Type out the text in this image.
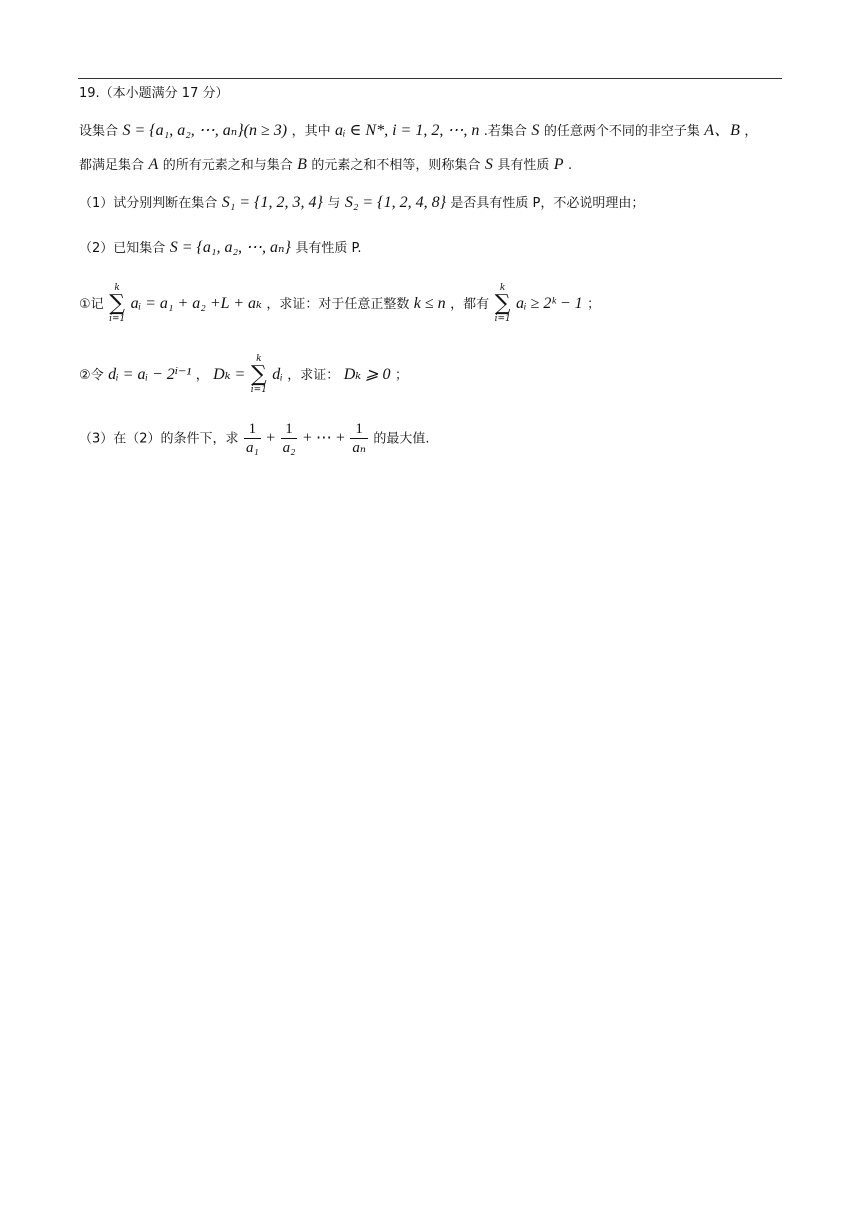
19.（本小题满分 17 分）
设集合 S = {a₁, a₂, ⋯, aₙ}(n ≥ 3) ，其中 aᵢ ∈ N*, i = 1, 2, ⋯, n .若集合 S 的任意两个不同的非空子集 A、B ，
都满足集合 A 的所有元素之和与集合 B 的元素之和不相等，则称集合 S 具有性质 P .
（1）试分别判断在集合 S₁ = {1, 2, 3, 4} 与 S₂ = {1, 2, 4, 8} 是否具有性质 P，不必说明理由；
（2）已知集合 S = {a₁, a₂, ⋯, aₙ} 具有性质 P.
①记
k
∑
i=1
aᵢ = a₁ + a₂ +L + aₖ ，求证：对于任意正整数 k ≤ n ，都有
k
∑
i=1
aᵢ ≥ 2ᵏ − 1 ；
②令 dᵢ = aᵢ − 2ⁱ⁻¹ ， Dₖ =
k
∑
i=1
dᵢ ，求证： Dₖ ⩾ 0 ；
（3）在（2）的条件下，求 $\frac{1}{\text{a₁}} + \frac{1}{\text{a₂}}$ + ⋯ + $\frac{1}{\text{aₙ}}$ 的最大值.
